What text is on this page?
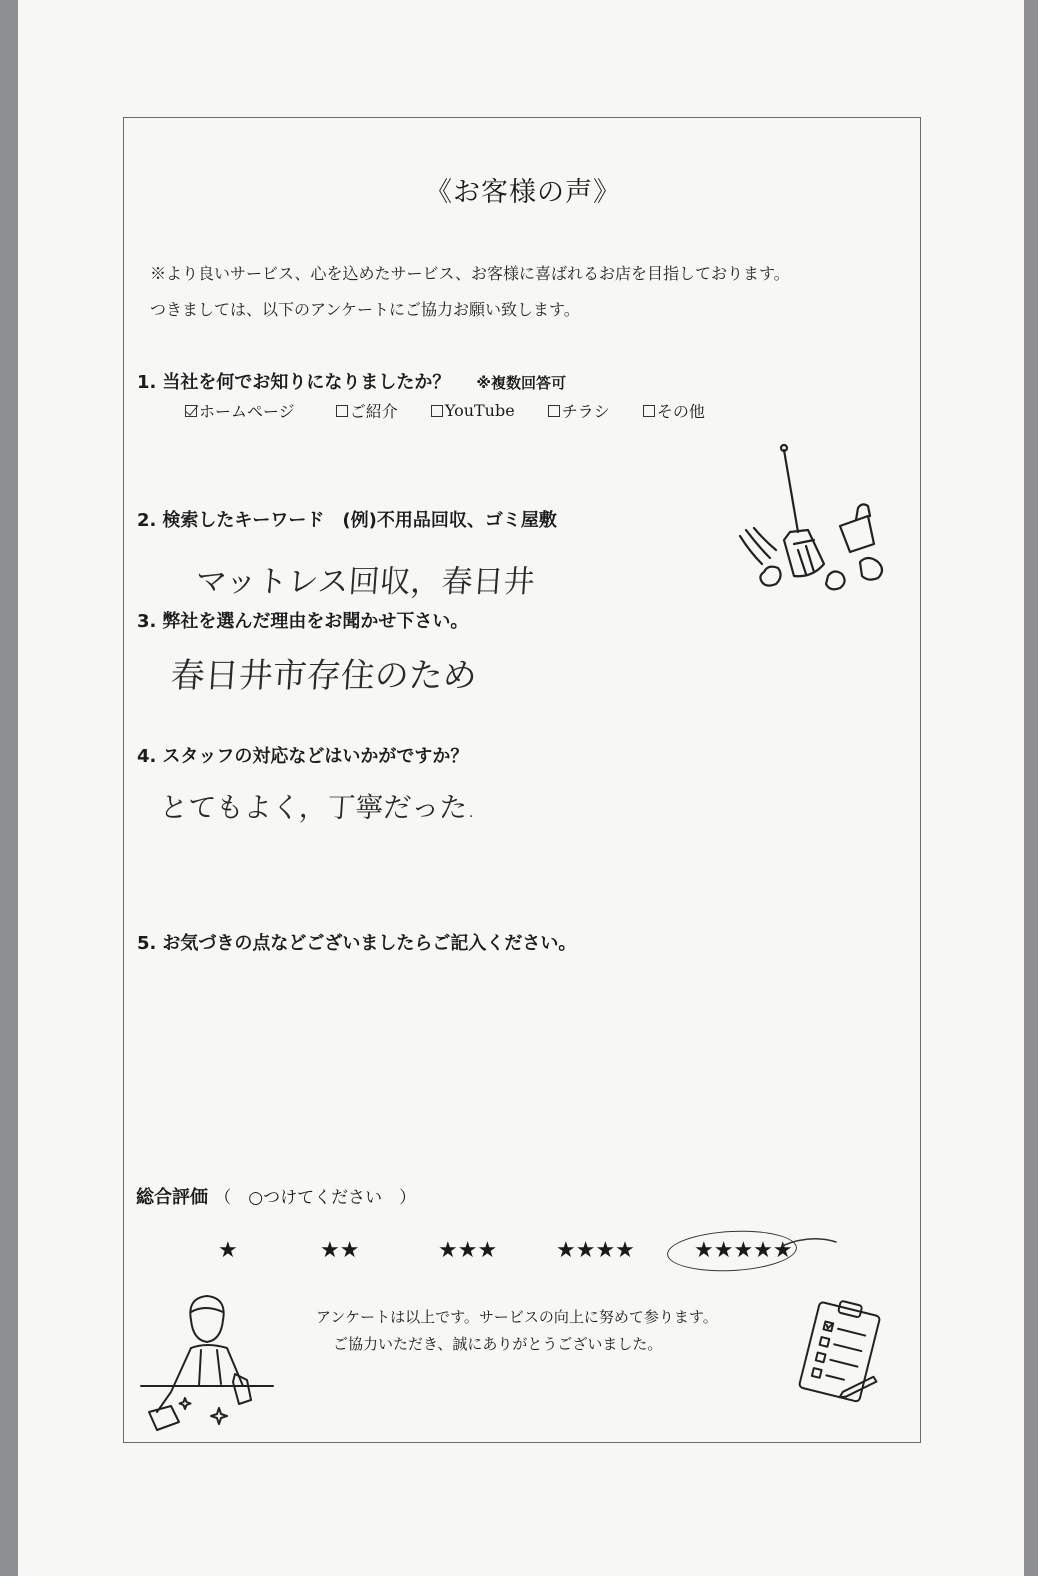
《お客様の声》
※より良いサービス、心を込めたサービス、お客様に喜ばれるお店を目指しております。
つきましては、以下のアンケートにご協力お願い致します。
1. 当社を何でお知りになりましたか？ ※複数回答可
ホームページ
	ご紹介
	YouTube
	チラシ
	その他
2. 検索したキーワード　(例)不用品回収、ゴミ屋敷
マットレス回収，春日井
3. 弊社を選んだ理由をお聞かせ下さい。
春日井市存住のため
4. スタッフの対応などはいかがですか？
とてもよく，丁寧だった.
5. お気づきの点などございましたらご記入ください。
総合評価 （　○つけてください　）
★	★★	★★★	★★★★	★★★★★
アンケートは以上です。サービスの向上に努めて参ります。
ご協力いただき、誠にありがとうございました。
